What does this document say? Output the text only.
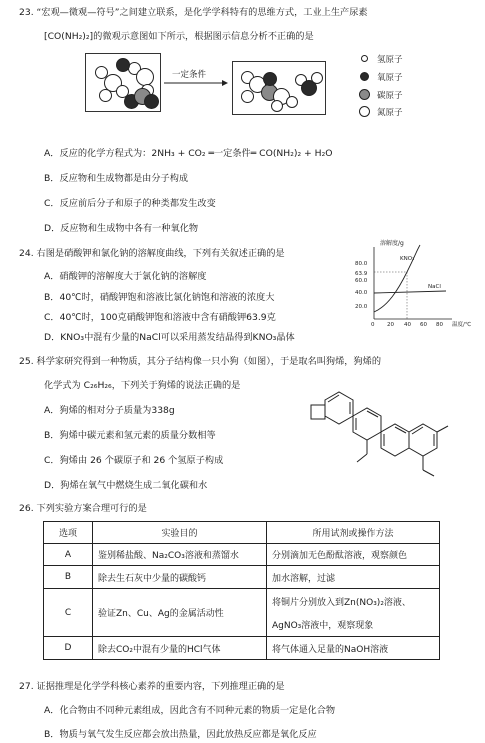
23. “宏观—微观—符号”之间建立联系，是化学学科特有的思维方式，工业上生产尿素
[CO(NH₂)₂]的微观示意图如下所示，根据图示信息分析不正确的是
一定条件
氢原子
氧原子
碳原子
氮原子
A．反应的化学方程式为：2NH₃ + CO₂ ═一定条件═ CO(NH₂)₂ + H₂O
B．反应物和生成物都是由分子构成
C．反应前后分子和原子的种类都发生改变
D．反应物和生成物中各有一种氧化物
24. 右图是硝酸钾和氯化钠的溶解度曲线，下列有关叙述正确的是
A．硝酸钾的溶解度大于氯化钠的溶解度
B．40℃时，硝酸钾饱和溶液比氯化钠饱和溶液的浓度大
C．40℃时，100克硝酸钾饱和溶液中含有硝酸钾63.9克
D．KNO₃中混有少量的NaCl可以采用蒸发结晶得到KNO₃晶体
溶解度/g
80.0
63.9
60.0
40.0
20.0
0 20 40 60 80 温度/℃
KNO₃
NaCl
25. 科学家研究得到一种物质，其分子结构像一只小狗（如图），于是取名叫狗烯，狗烯的
化学式为 C₂₆H₂₆，下列关于狗烯的说法正确的是
A．狗烯的相对分子质量为338g
B．狗烯中碳元素和氢元素的质量分数相等
C．狗烯由 26 个碳原子和 26 个氢原子构成
D．狗烯在氧气中燃烧生成二氧化碳和水
26. 下列实验方案合理可行的是
选项	实验目的	所用试剂或操作方法
A	鉴别稀盐酸、Na₂CO₃溶液和蒸馏水	分别滴加无色酚酞溶液，观察颜色
B	除去生石灰中少量的碳酸钙	加水溶解，过滤
C	验证Zn、Cu、Ag的金属活动性	将铜片分别放入到Zn(NO₃)₂溶液、
AgNO₃溶液中，观察现象

D	除去CO₂中混有少量的HCl气体	将气体通入足量的NaOH溶液
27. 证据推理是化学学科核心素养的重要内容，下列推理正确的是
A．化合物由不同种元素组成，因此含有不同种元素的物质一定是化合物
B．物质与氧气发生反应都会放出热量，因此放热反应都是氧化反应
